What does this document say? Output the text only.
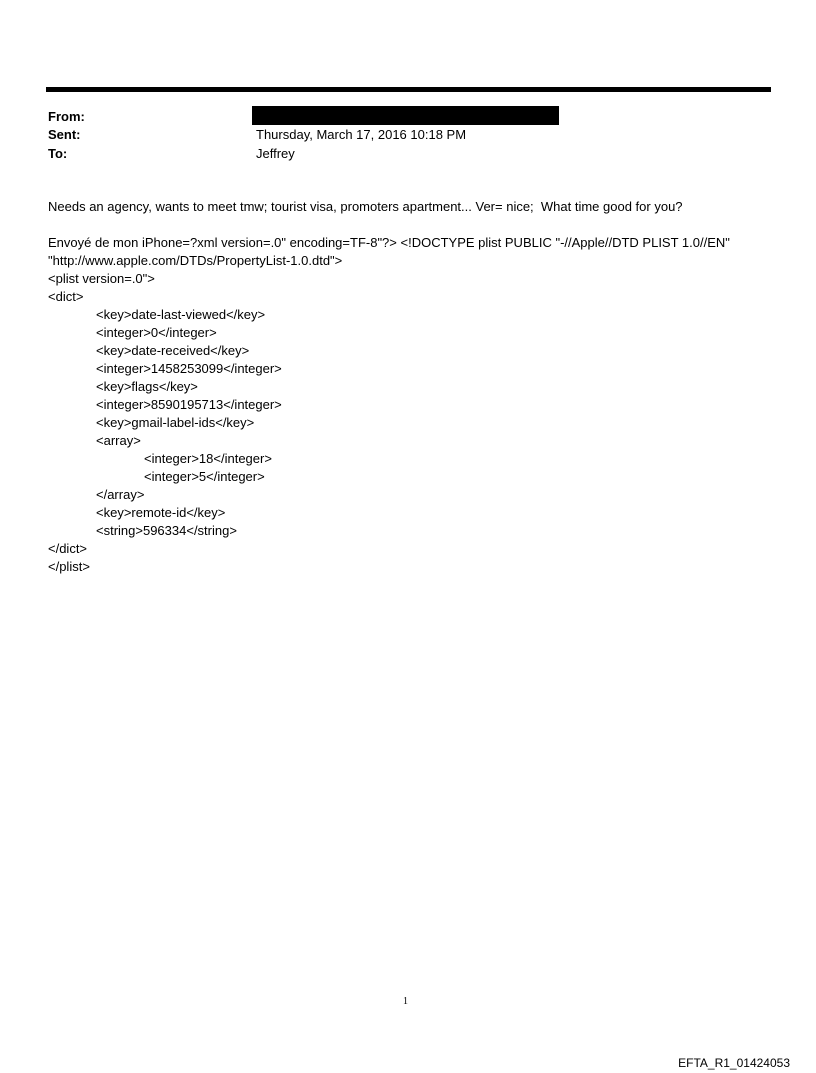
From:
Sent:	Thursday, March 17, 2016 10:18 PM
To:	Jeffrey
Needs an agency, wants to meet tmw; tourist visa, promoters apartment... Ver= nice;  What time good for you?
Envoyé de mon iPhone=?xml version=.0" encoding=TF-8"?> <!DOCTYPE plist PUBLIC "-//Apple//DTD PLIST 1.0//EN"
"http://www.apple.com/DTDs/PropertyList-1.0.dtd">
<plist version=.0">
<dict>
<key>date-last-viewed</key>
<integer>0</integer>
<key>date-received</key>
<integer>1458253099</integer>
<key>flags</key>
<integer>8590195713</integer>
<key>gmail-label-ids</key>
<array>
<integer>18</integer>
<integer>5</integer>
</array>
<key>remote-id</key>
<string>596334</string>
</dict>
</plist>
1
EFTA_R1_01424053
